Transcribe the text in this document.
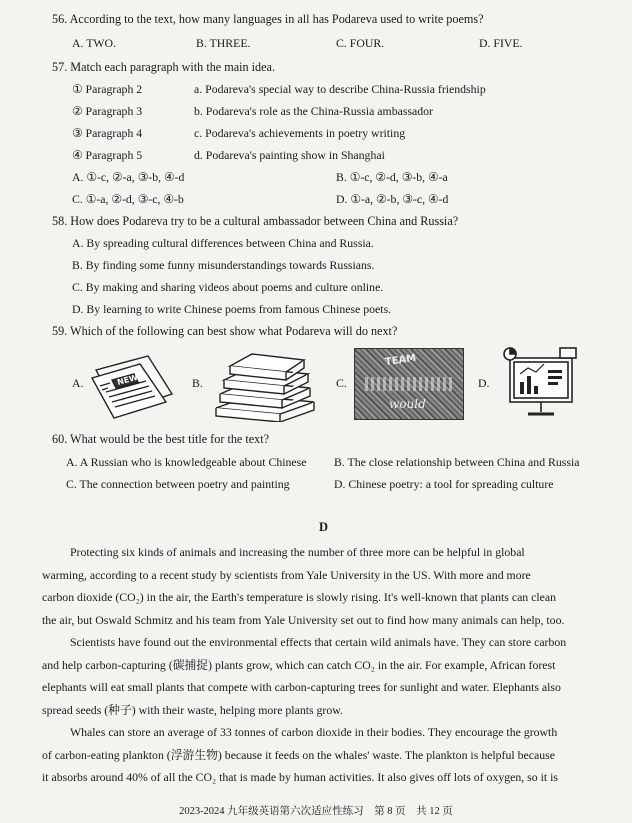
56. According to the text, how many languages in all has Podareva used to write poems?
A. TWO.	B. THREE.	C. FOUR.	D. FIVE.
57. Match each paragraph with the main idea.
① Paragraph 2
② Paragraph 3
③ Paragraph 4
④ Paragraph 5
a. Podareva's special way to describe China-Russia friendship
b. Podareva's role as the China-Russia ambassador
c. Podareva's achievements in poetry writing
d. Podareva's painting show in Shanghai
A. ①-c, ②-a, ③-b, ④-d	B. ①-c, ②-d, ③-b, ④-a
C. ①-a, ②-d, ③-c, ④-b	D. ①-a, ②-b, ③-c, ④-d
58. How does Podareva try to be a cultural ambassador between China and Russia?
A. By spreading cultural differences between China and Russia.
B. By finding some funny misunderstandings towards Russians.
C. By making and sharing videos about poems and culture online.
D. By learning to write Chinese poems from famous Chinese poets.
59. Which of the following can best show what Podareva will do next?
A.	NEWS	B.	C.
TEAM
would
D.
60. What would be the best title for the text?
A. A Russian who is knowledgeable about Chinese B. The close relationship between China and Russia
C. The connection between poetry and painting	D. Chinese poetry: a tool for spreading culture
D
Protecting six kinds of animals and increasing the number of three more can be helpful in global
warming, according to a recent study by scientists from Yale University in the US. With more and more
carbon dioxide (CO₂) in the air, the Earth's temperature is slowly rising. It's well-known that plants can clean
the air, but Oswald Schmitz and his team from Yale University set out to find how many animals can help, too.
Scientists have found out the environmental effects that certain wild animals have. They can store carbon
and help carbon-capturing (碳捕捉) plants grow, which can catch CO₂ in the air. For example, African forest
elephants will eat small plants that compete with carbon-capturing trees for sunlight and water. Elephants also
spread seeds (种子) with their waste, helping more plants grow.
Whales can store an average of 33 tonnes of carbon dioxide in their bodies. They encourage the growth
of carbon-eating plankton (浮游生物) because it feeds on the whales' waste. The plankton is helpful because
it absorbs around 40% of all the CO₂ that is made by human activities. It also gives off lots of oxygen, so it is
2023-2024 九年级英语第六次适应性练习　第 8 页　共 12 页
